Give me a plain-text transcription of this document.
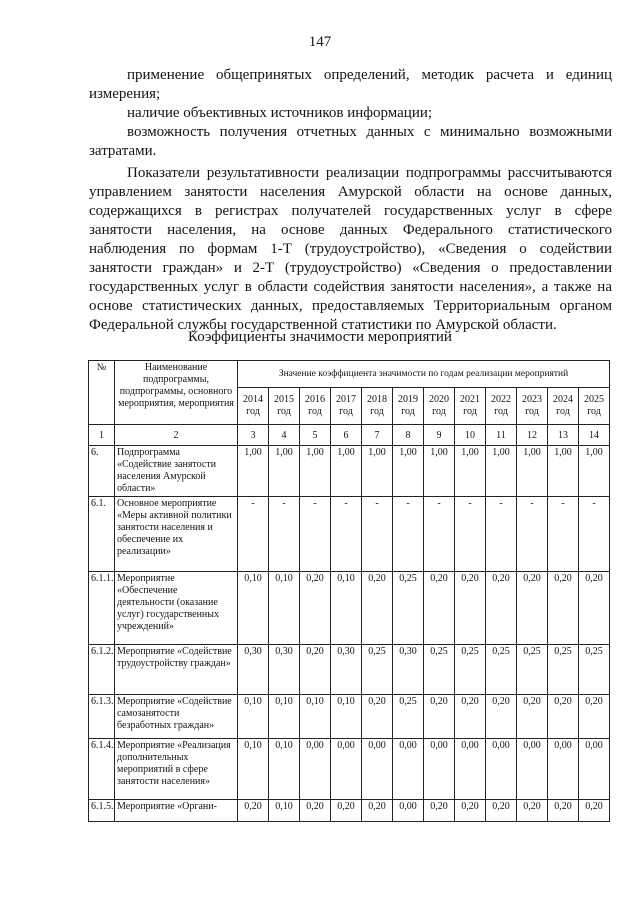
147

применение общепринятых определений, методик расчета и единиц измерения;

наличие объективных источников информации;

возможность получения отчетных данных с минимально возможными затратами.

Показатели результативности реализации подпрограммы рассчитываются управлением занятости населения Амурской области на основе данных, содержащихся в регистрах получателей государственных услуг в сфере занятости населения, на основе данных Федерального статистического наблюдения по формам 1-Т (трудоустройство), «Сведения о содействии занятости граждан» и 2-Т (трудоустройство) «Сведения о предоставлении государственных услуг в области содействия занятости населения», а также на основе статистических данных, предоставляемых Территориальным органом Федеральной службы государственной статистики по Амурской области.

Коэффициенты значимости мероприятий
№	Наименование подпрограммы, подпрограммы, основного мероприятия, мероприятия	Значение коэффициента значимости по годам реализации мероприятий											
		2014 год	2015 год	2016 год	2017 год	2018 год	2019 год	2020 год	2021 год	2022 год	2023 год	2024 год	2025 год
1	2	3	4	5	6	7	8	9	10	11	12	13	14
6.	Подпрограмма «Содействие занятости населения Амурской области»	1,00	1,00	1,00	1,00	1,00	1,00	1,00	1,00	1,00	1,00	1,00	1,00
6.1.	Основное мероприятие «Меры активной политики занятости населения и обеспечение их реализации»	-	-	-	-	-	-	-	-	-	-	-	-
6.1.1.	Мероприятие «Обеспечение деятельности (оказание услуг) государственных учреждений»	0,10	0,10	0,20	0,10	0,20	0,25	0,20	0,20	0,20	0,20	0,20	0,20
6.1.2.	Мероприятие «Содействие трудоустройству граждан»	0,30	0,30	0,20	0,30	0,25	0,30	0,25	0,25	0,25	0,25	0,25	0,25
6.1.3.	Мероприятие «Содействие самозанятости безработных граждан»	0,10	0,10	0,10	0,10	0,20	0,25	0,20	0,20	0,20	0,20	0,20	0,20
6.1.4.	Мероприятие «Реализация дополнительных мероприятий в сфере занятости населения»	0,10	0,10	0,00	0,00	0,00	0,00	0,00	0,00	0,00	0,00	0,00	0,00
6.1.5.	Мероприятие «Органи-	0,20	0,10	0,20	0,20	0,20	0,00	0,20	0,20	0,20	0,20	0,20	0,20
